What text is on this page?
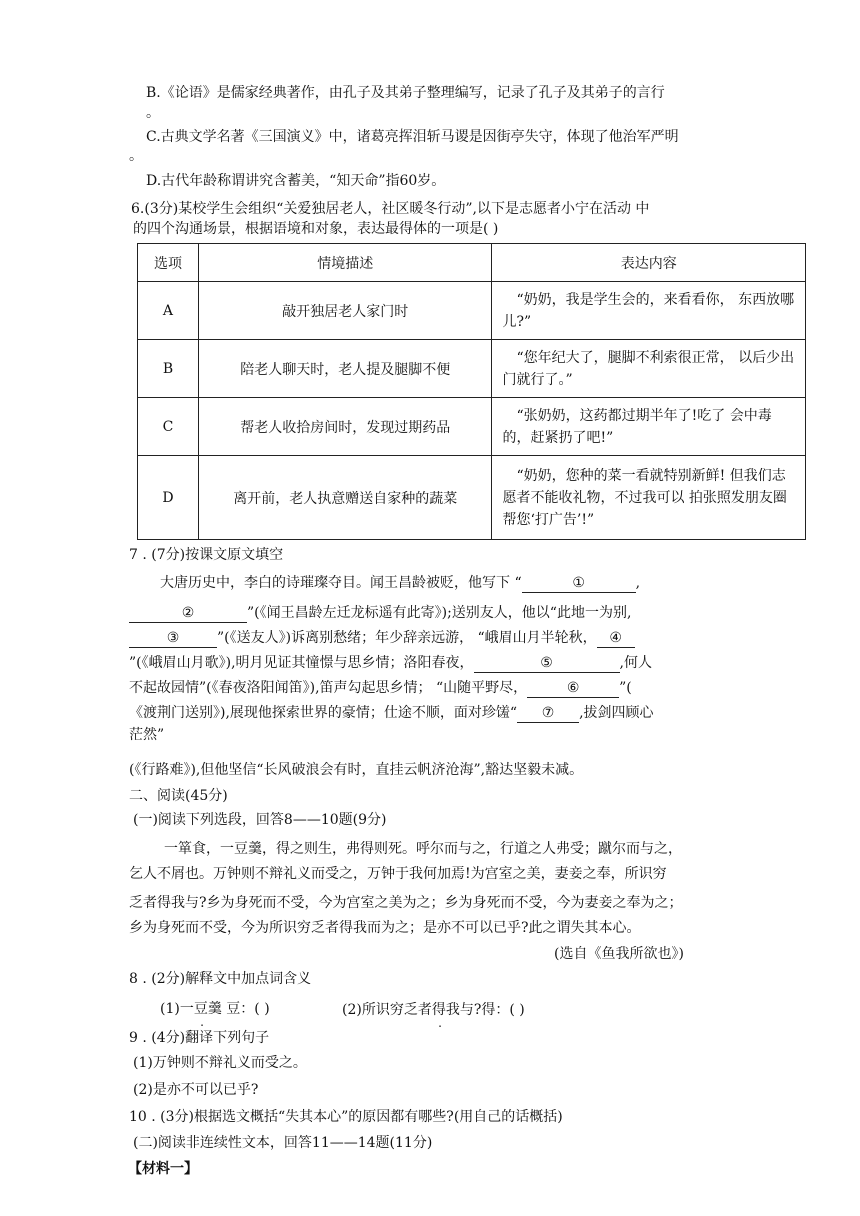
B.《论语》是儒家经典著作，由孔子及其弟子整理编写，记录了孔子及其弟子的言行
。
C.古典文学名著《三国演义》中，诸葛亮挥泪斩马谡是因街亭失守，体现了他治军严明
。
D.古代年龄称谓讲究含蓄美，“知天命”指60岁。
6.(3分)某校学生会组织“关爱独居老人，社区暖冬行动”,以下是志愿者小宁在活动 中
的四个沟通场景，根据语境和对象，表达最得体的一项是( )
选项	情境描述	表达内容
A	敲开独居老人家门时	“奶奶，我是学生会的，来看看你， 东西放哪儿?”
B	陪老人聊天时，老人提及腿脚不便	“您年纪大了，腿脚不利索很正常， 以后少出门就行了。”
C	帮老人收拾房间时，发现过期药品	“张奶奶，这药都过期半年了!吃了 会中毒的，赶紧扔了吧!”
D	离开前，老人执意赠送自家种的蔬菜	“奶奶，您种的菜一看就特别新鲜! 但我们志愿者不能收礼物，不过我可以 拍张照发朋友圈帮您‘打广告’!”
7 . (7分)按课文原文填空
大唐历史中，李白的诗璀璨夺目。闻王昌龄被贬，他写下 “	①	,
②	”(《闻王昌龄左迁龙标遥有此寄》);送别友人，他以“此地一为别,
③	”(《送友人》)诉离别愁绪；年少辞亲远游， “峨眉山月半轮秋， ④
”(《峨眉山月歌》),明月见证其憧憬与思乡情；洛阳春夜，	⑤	,何人
不起故园情”(《春夜洛阳闻笛》),笛声勾起思乡情； “山随平野尽，	⑥	”(
《渡荆门送别》),展现他探索世界的豪情；仕途不顺，面对珍馐“ ⑦ ,拔剑四顾心
茫然”
(《行路难》),但他坚信“长风破浪会有时，直挂云帆济沧海”,豁达坚毅未减。
二、阅读(45分)
(一)阅读下列选段，回答8——10题(9分)
一箪食，一豆羹，得之则生，弗得则死。呼尔而与之，行道之人弗受；蹴尔而与之，
乞人不屑也。万钟则不辩礼义而受之，万钟于我何加焉!为宫室之美，妻妾之奉，所识穷
乏者得我与?乡为身死而不受，今为宫室之美为之；乡为身死而不受，今为妻妾之奉为之；
乡为身死而不受，今为所识穷乏者得我而为之；是亦不可以已乎?此之谓失其本心。
(选自《鱼我所欲也》)
8 . (2分)解释文中加点词含义
(1)一豆羹 豆：( )	(2)所识穷乏者得我与?得：( )
9 . (4分)翻译下列句子
(1)万钟则不辩礼义而受之。
(2)是亦不可以已乎?
10 . (3分)根据选文概括“失其本心”的原因都有哪些?(用自己的话概括)
(二)阅读非连续性文本，回答11——14题(11分)
【材料一】
